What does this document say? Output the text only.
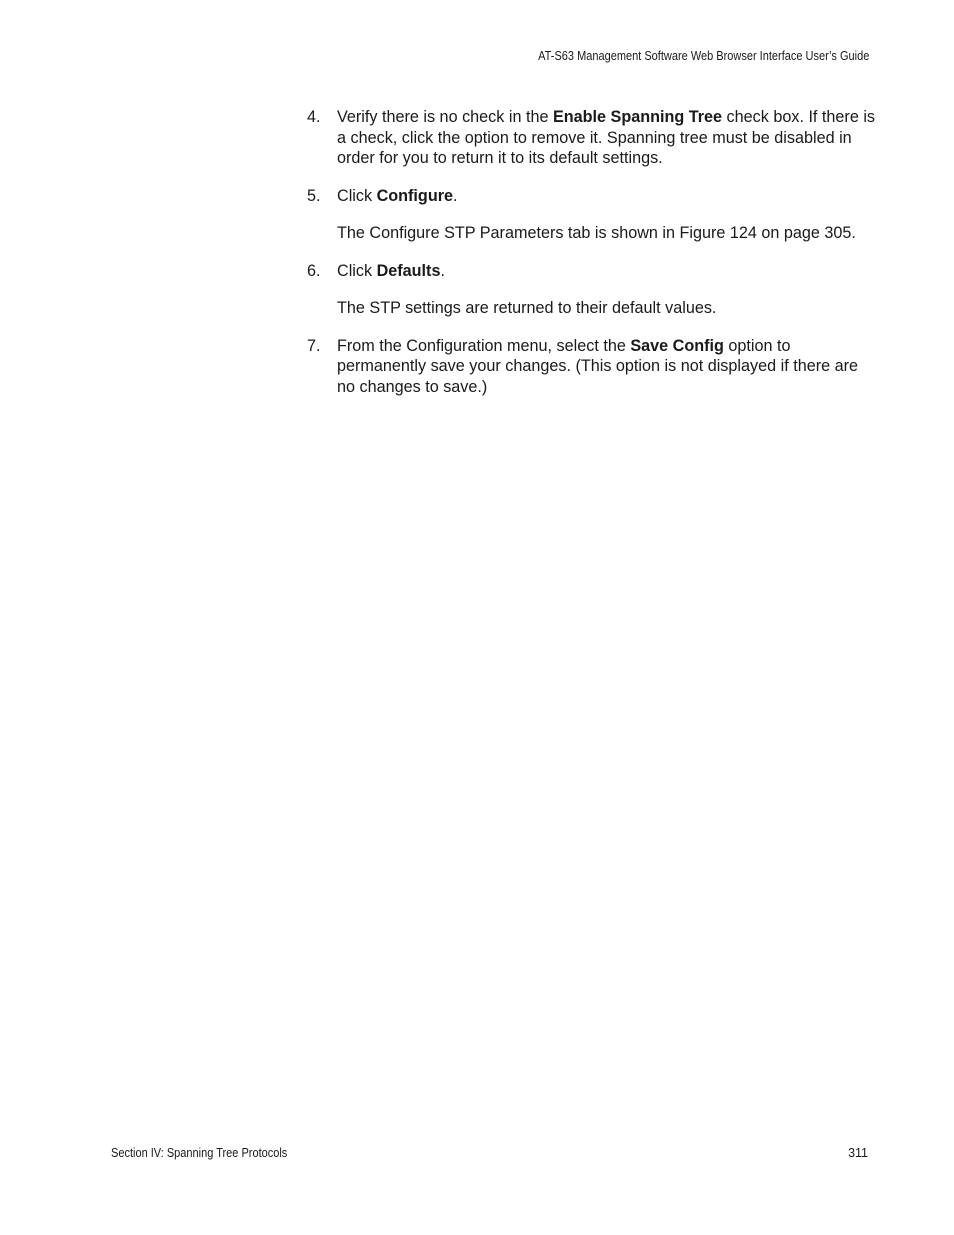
AT-S63 Management Software Web Browser Interface User’s Guide
4. Verify there is no check in the Enable Spanning Tree check box. If there is a check, click the option to remove it. Spanning tree must be disabled in order for you to return it to its default settings.
5. Click Configure.
The Configure STP Parameters tab is shown in Figure 124 on page 305.
6. Click Defaults.
The STP settings are returned to their default values.
7. From the Configuration menu, select the Save Config option to permanently save your changes. (This option is not displayed if there are no changes to save.)
Section IV: Spanning Tree Protocols	311
